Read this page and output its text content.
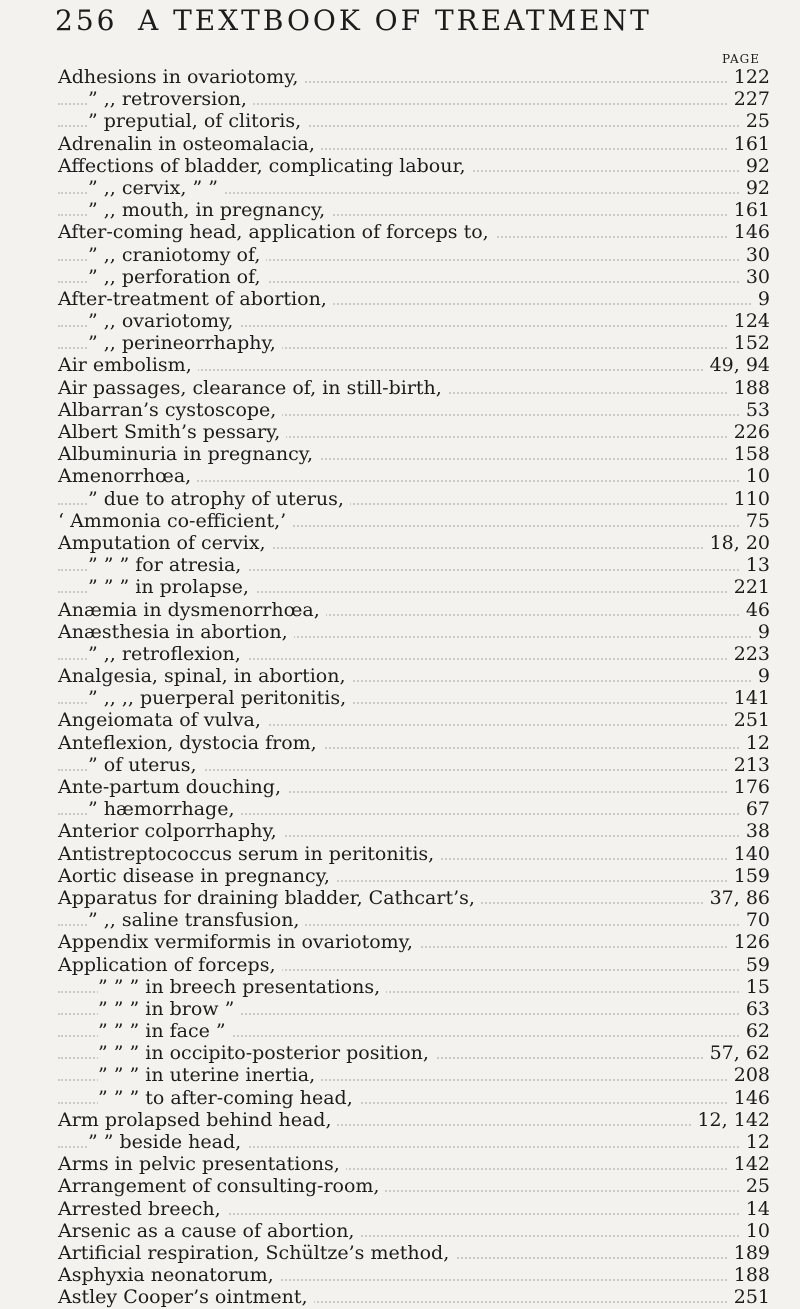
256 A TEXTBOOK OF TREATMENT
PAGE
Adhesions in ovariotomy,	122
” ,, retroversion,	227
” preputial, of clitoris,	25
Adrenalin in osteomalacia,	161
Affections of bladder, complicating labour,	92
” ,, cervix, ” ”	92
” ,, mouth, in pregnancy,	161
After-coming head, application of forceps to,	146
” ,, craniotomy of,	30
” ,, perforation of,	30
After-treatment of abortion,	9
” ,, ovariotomy,	124
” ,, perineorrhaphy,	152
Air embolism,	49, 94
Air passages, clearance of, in still-birth,	188
Albarran’s cystoscope,	53
Albert Smith’s pessary,	226
Albuminuria in pregnancy,	158
Amenorrhœa,	10
” due to atrophy of uterus,	110
‘ Ammonia co-efficient,’	75
Amputation of cervix,	18, 20
” ” ” for atresia,	13
” ” ” in prolapse,	221
Anæmia in dysmenorrhœa,	46
Anæsthesia in abortion,	9
” ,, retroflexion,	223
Analgesia, spinal, in abortion,	9
” ,, ,, puerperal peritonitis,	141
Angeiomata of vulva,	251
Anteflexion, dystocia from,	12
” of uterus,	213
Ante-partum douching,	176
” hæmorrhage,	67
Anterior colporrhaphy,	38
Antistreptococcus serum in peritonitis,	140
Aortic disease in pregnancy,	159
Apparatus for draining bladder, Cathcart’s,	37, 86
” ,, saline transfusion,	70
Appendix vermiformis in ovariotomy,	126
Application of forceps,	59
” ” ” in breech presentations,	15
” ” ” in brow ”	63
” ” ” in face ”	62
” ” ” in occipito-posterior position,	57, 62
” ” ” in uterine inertia,	208
” ” ” to after-coming head,	146
Arm prolapsed behind head,	12, 142
” ” beside head,	12
Arms in pelvic presentations,	142
Arrangement of consulting-room,	25
Arrested breech,	14
Arsenic as a cause of abortion,	10
Artificial respiration, Schültze’s method,	189
Asphyxia neonatorum,	188
Astley Cooper’s ointment,	251
